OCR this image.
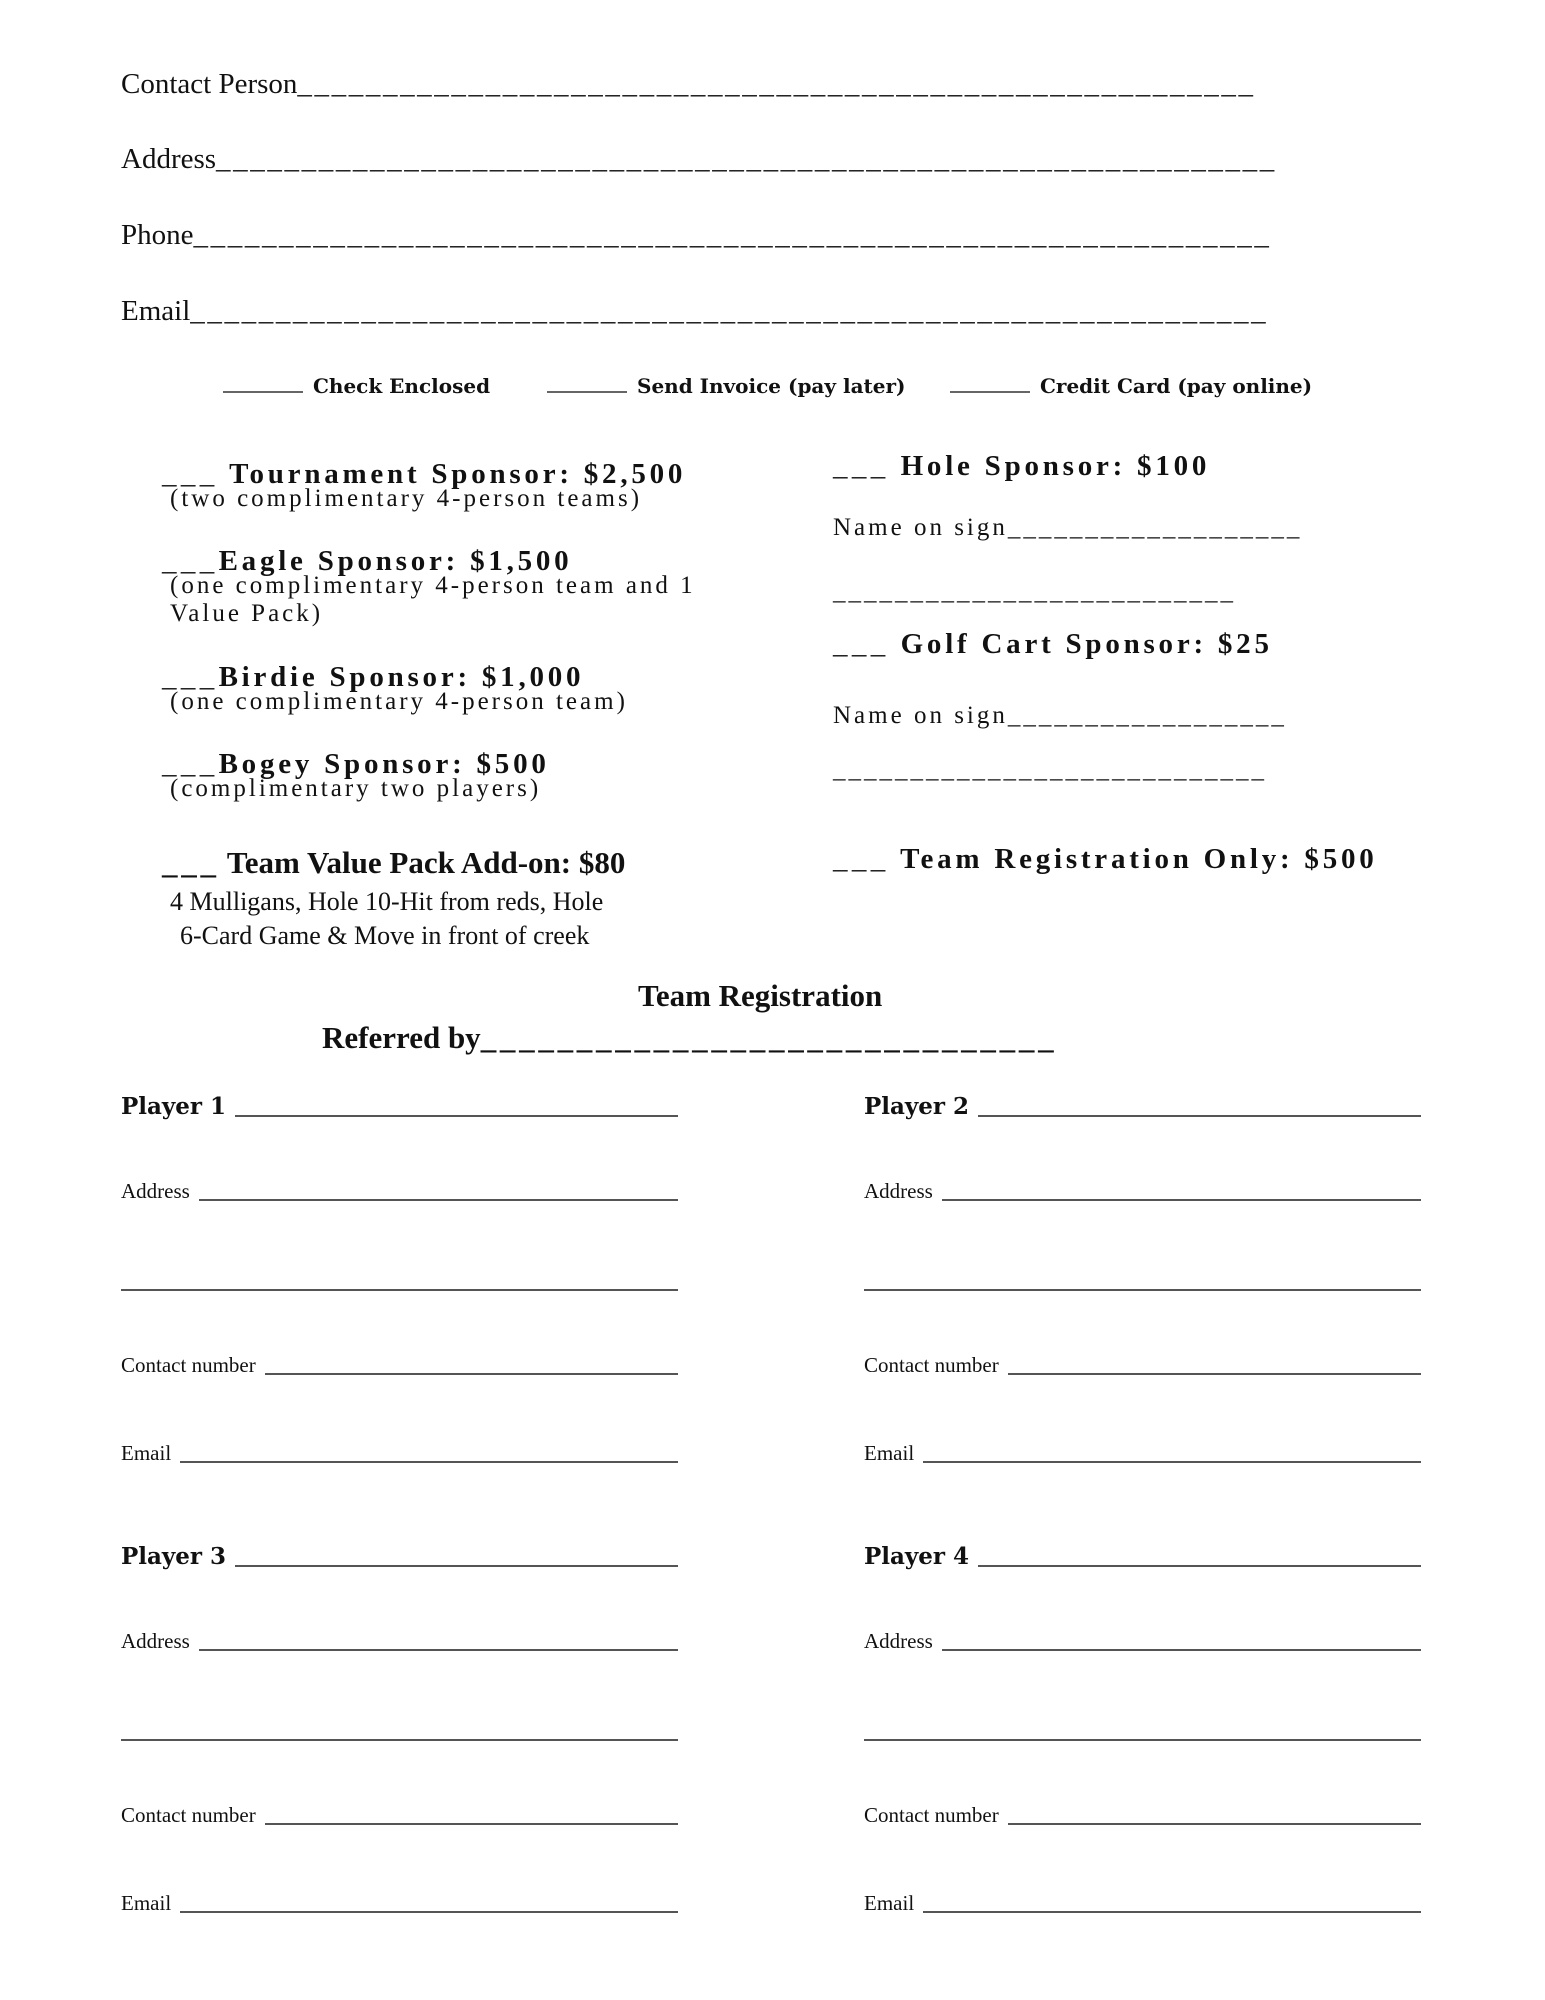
Contact Person________________________________________________________
Address______________________________________________________________
Phone_______________________________________________________________
Email_______________________________________________________________
Check Enclosed	Send Invoice (pay later)	Credit Card (pay online)
___ Tournament Sponsor: $2,500
(two complimentary 4-person teams)
___Eagle Sponsor: $1,500
(one complimentary 4-person team and 1
Value Pack)
___Birdie Sponsor: $1,000
(one complimentary 4-person team)
___Bogey Sponsor: $500
(complimentary two players)
___ Team Value Pack Add-on: $80
4 Mulligans, Hole 10-Hit from reds, Hole
6-Card Game & Move in front of creek
___ Hole Sponsor: $100
Name on sign___________________
__________________________
___ Golf Cart Sponsor: $25
Name on sign__________________
____________________________
___ Team Registration Only: $500
Team Registration
Referred by______________________________
Player 1
Address
Contact number
Email
Player 2
Address
Contact number
Email
Player 3
Address
Contact number
Email
Player 4
Address
Contact number
Email
